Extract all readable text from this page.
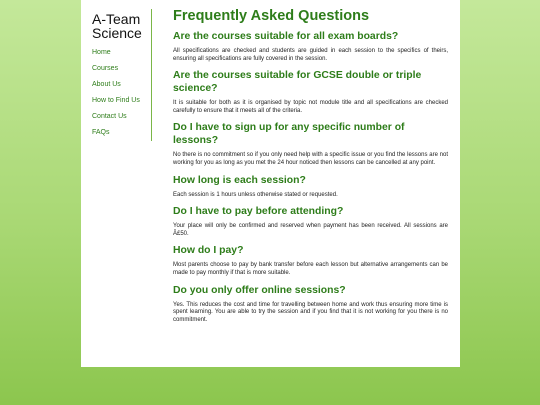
A-Team
Science
Home
Courses
About Us
How to Find Us
Contact Us
FAQs
Frequently Asked Questions
Are the courses suitable for all exam boards?

All specifications are checked and students are guided in each session to the specifics of theirs, ensuring all specifications are fully covered in the session.

Are the courses suitable for GCSE double or triple science?

It is suitable for both as it is organised by topic not module title and all specifications are checked carefully to ensure that it meets all of the criteria.

Do I have to sign up for any specific number of lessons?

No there is no commitment so if you only need help with a specific issue or you find the lessons are not working for you as long as you met the 24 hour noticed then lessons can be cancelled at any point.

How long is each session?

Each session is 1 hours unless otherwise stated or requested.

Do I have to pay before attending?

Your place will only be confirmed and reserved when payment has been received. All sessions are Â£50.

How do I pay?

Most parents choose to pay by bank transfer before each lesson but alternative arrangements can be made to pay monthly if that is more suitable.

Do you only offer online sessions?

Yes. This reduces the cost and time for travelling between home and work thus ensuring more time is spent learning. You are able to try the session and if you find that it is not working for you there is no commitment.
